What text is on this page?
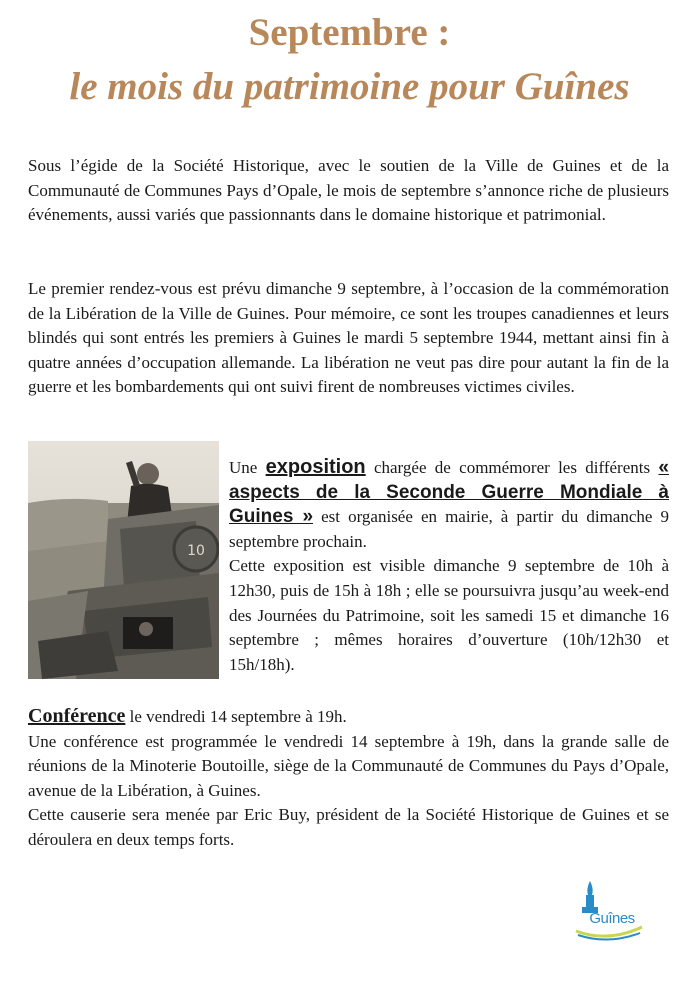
Septembre :
le mois du patrimoine pour Guînes

Sous l’égide de la Société Historique, avec le soutien de la Ville de Guines et de la Communauté de Communes Pays d’Opale, le mois de septembre s’annonce riche de plusieurs événements, aussi variés que passionnants dans le domaine historique et patrimonial.

Le premier rendez-vous est prévu dimanche 9 septembre, à l’occasion de la commémoration de la Libération de la Ville de Guines. Pour mémoire, ce sont les troupes canadiennes et leurs blindés qui sont entrés les premiers à Guines le mardi 5 septembre 1944, mettant ainsi fin à quatre années d’occupation allemande. La libération ne veut pas dire pour autant la fin de la guerre et les bombardements qui ont suivi firent de nombreuses victimes civiles.

10

Une exposition chargée de commémorer les différents « aspects de la Seconde Guerre Mondiale à Guines » est organisée en mairie, à partir du dimanche 9 septembre prochain.
Cette exposition est visible dimanche 9 septembre de 10h à 12h30, puis de 15h à 18h ; elle se poursuivra jusqu’au week-end des Journées du Patrimoine, soit les samedi 15 et dimanche 16 septembre ; mêmes horaires d’ouverture (10h/12h30 et 15h/18h).

Conférence le vendredi 14 septembre à 19h.
Une conférence est programmée le vendredi 14 septembre à 19h, dans la grande salle de réunions de la Minoterie Boutoille, siège de la Communauté de Communes du Pays d’Opale, avenue de la Libération, à Guines.
Cette causerie sera menée par Eric Buy, président de la Société Historique de Guines et se déroulera en deux temps forts.

Guînes
